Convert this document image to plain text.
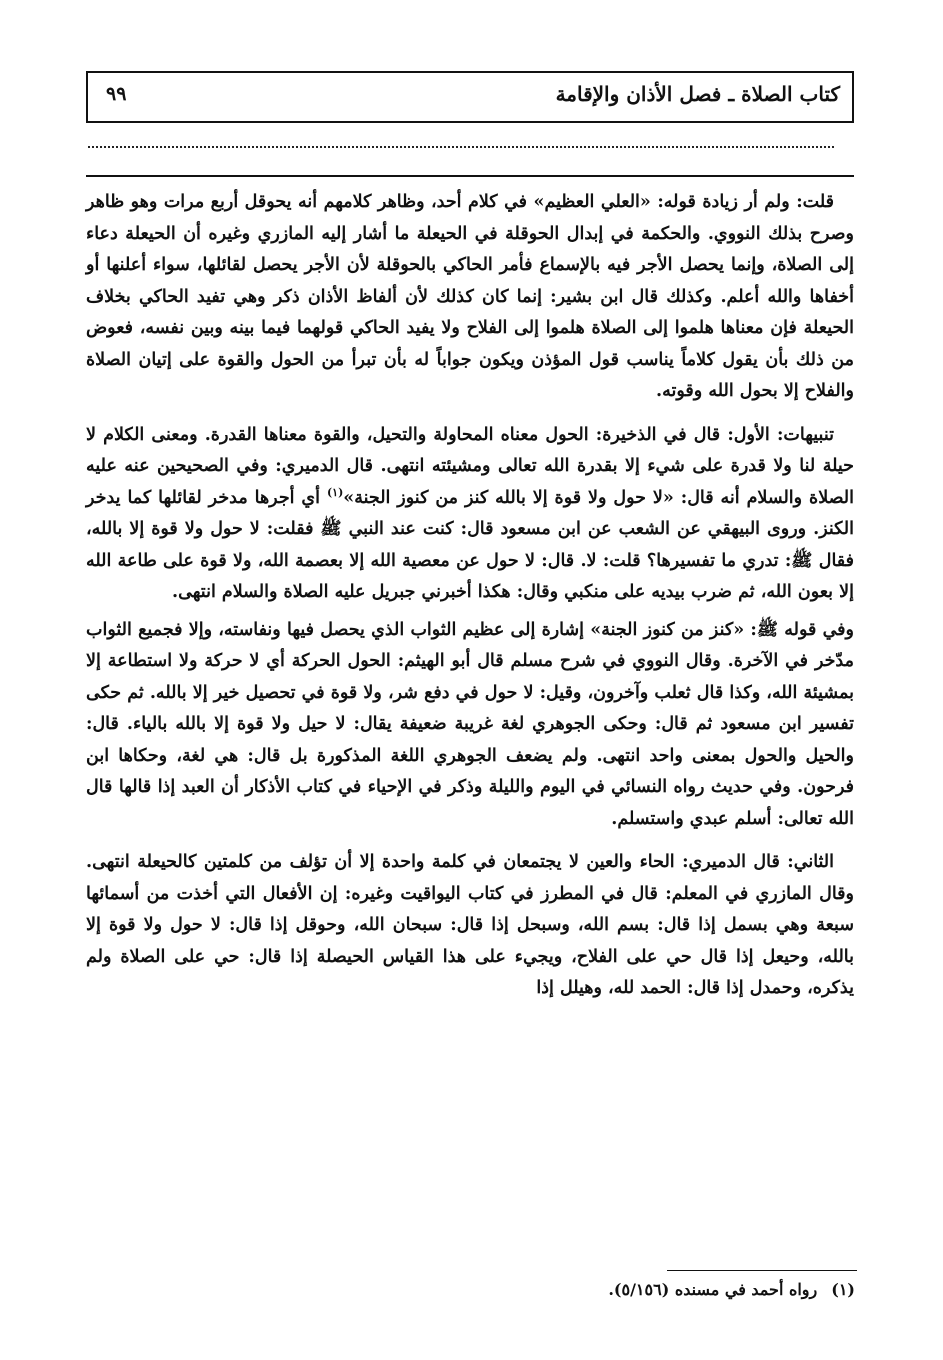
كتاب الصلاة ـ فصل الأذان والإقامة
٩٩

قلت: ولم أر زيادة قوله: «العلي العظيم» في كلام أحد، وظاهر كلامهم أنه يحوقل أربع مرات وهو ظاهر وصرح بذلك النووي. والحكمة في إبدال الحوقلة في الحيعلة ما أشار إليه المازري وغيره أن الحيعلة دعاء إلى الصلاة، وإنما يحصل الأجر فيه بالإسماع فأمر الحاكي بالحوقلة لأن الأجر يحصل لقائلها، سواء أعلنها أو أخفاها والله أعلم. وكذلك قال ابن بشير: إنما كان كذلك لأن ألفاظ الأذان ذكر وهي تفيد الحاكي بخلاف الحيعلة فإن معناها هلموا إلى الصلاة هلموا إلى الفلاح ولا يفيد الحاكي قولهما فيما بينه وبين نفسه، فعوض من ذلك بأن يقول كلاماً يناسب قول المؤذن ويكون جواباً له بأن تبرأ من الحول والقوة على إتيان الصلاة والفلاح إلا بحول الله وقوته.

تنبيهات: الأول: قال في الذخيرة: الحول معناه المحاولة والتحيل، والقوة معناها القدرة. ومعنى الكلام لا حيلة لنا ولا قدرة على شيء إلا بقدرة الله تعالى ومشيئته انتهى. قال الدميري: وفي الصحيحين عنه عليه الصلاة والسلام أنه قال: «لا حول ولا قوة إلا بالله كنز من كنوز الجنة»$^{(١)}$ أي أجرها مدخر لقائلها كما يدخر الكنز. وروى البيهقي عن الشعب عن ابن مسعود قال: كنت عند النبي ﷺ فقلت: لا حول ولا قوة إلا بالله، فقال ﷺ: تدري ما تفسيرها؟ قلت: لا. قال: لا حول عن معصية الله إلا بعصمة الله، ولا قوة على طاعة الله إلا بعون الله، ثم ضرب بيديه على منكبي وقال: هكذا أخبرني جبريل عليه الصلاة والسلام انتهى.

وفي قوله ﷺ: «كنز من كنوز الجنة» إشارة إلى عظيم الثواب الذي يحصل فيها ونفاسته، وإلا فجميع الثواب مدّخر في الآخرة. وقال النووي في شرح مسلم قال أبو الهيثم: الحول الحركة أي لا حركة ولا استطاعة إلا بمشيئة الله، وكذا قال ثعلب وآخرون، وقيل: لا حول في دفع شر، ولا قوة في تحصيل خير إلا بالله. ثم حكى تفسير ابن مسعود ثم قال: وحكى الجوهري لغة غريبة ضعيفة يقال: لا حيل ولا قوة إلا بالله بالياء. قال: والحيل والحول بمعنى واحد انتهى. ولم يضعف الجوهري اللغة المذكورة بل قال: هي لغة، وحكاها ابن فرحون. وفي حديث رواه النسائي في اليوم والليلة وذكر في الإحياء في كتاب الأذكار أن العبد إذا قالها قال الله تعالى: أسلم عبدي واستسلم.

الثاني: قال الدميري: الحاء والعين لا يجتمعان في كلمة واحدة إلا أن تؤلف من كلمتين كالحيعلة انتهى. وقال المازري في المعلم: قال في المطرز في كتاب اليواقيت وغيره: إن الأفعال التي أخذت من أسمائها سبعة وهي بسمل إذا قال: بسم الله، وسبحل إذا قال: سبحان الله، وحوقل إذا قال: لا حول ولا قوة إلا بالله، وحيعل إذا قال حي على الفلاح، ويجيء على هذا القياس الحيصلة إذا قال: حي على الصلاة ولم يذكره، وحمدل إذا قال: الحمد لله، وهيلل إذا

(١)رواه أحمد في مسنده (٥/١٥٦).
